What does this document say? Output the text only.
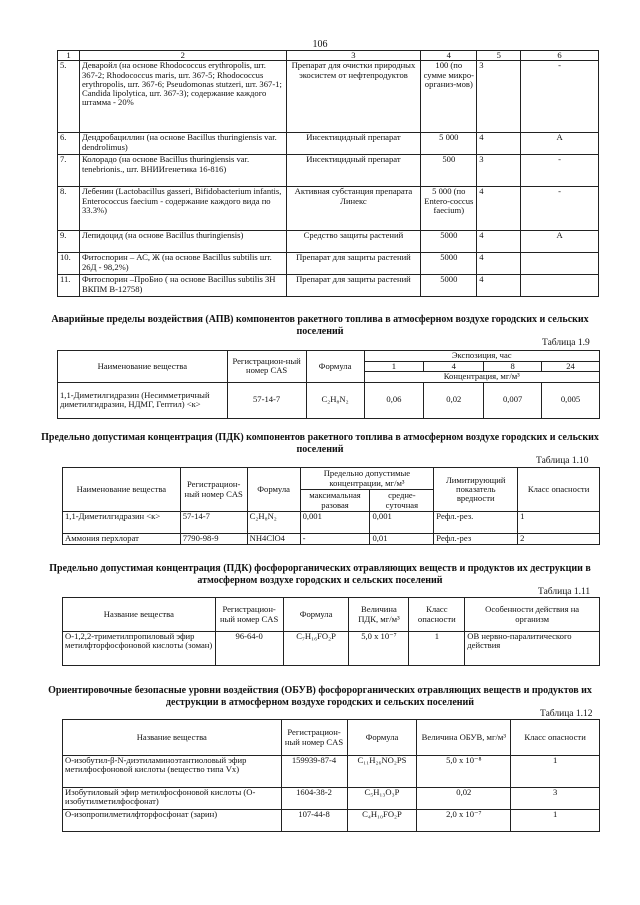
106
1	2	3	4	5	6
5.	Деваройл (на основе Rhodococcus erythropolis, шт. 367-2; Rhodococcus maris, шт. 367-5; Rhodococcus erythropolis, шт. 367-6; Pseudomonas stutzeri, шт. 367-1; Candida lipolytica, шт. 367-3); содержание каждого штамма - 20%	Препарат для очистки природных экосистем от нефтепродуктов	100 (по сумме микро-организ-мов)	3	-
6.	Дендробациллин (на основе Bacillus thuringiensis var. dendrolimus)	Инсектицидный препарат	5 000	4	А
7.	Колорадо (на основе Bacillus thuringiensis var. tenebrionis., шт. ВНИИгенетика 16-816)	Инсектицидный препарат	500	3	-
8.	Лебенин (Lactobacillus gasseri, Bifidobacterium infantis, Enterococcus faecium - содержание каждого вида по 33.3%)	Активная субстанция препарата Линекс	5 000 (по Entero-coccus faecium)	4	-
9.	Лепидоцид (на основе Bacillus thuringiensis)	Средство защиты растений	5000	4	А
10.	Фитоспорин – АС, Ж (на основе Bacillus subtilis шт. 26Д - 98,2%)	Препарат для защиты растений	5000	4	
11.	Фитоспорин –ПроБио ( на основе Bacillus subtilis ЗН ВКПМ В-12758)	Препарат для защиты растений	5000	4	
Аварийные пределы воздействия (АПВ) компонентов ракетного топлива в атмосферном воздухе городских и сельских поселений
Таблица 1.9
Наименование вещества	Регистрацион-ный номер CAS	Формула	Экспозиция, час			
			1	4	8	24
			Концентрация, мг/м³			
1,1-Диметилгидразин (Несимметричный диметилгидразин, НДМГ, Гептил) <к>	57-14-7	C₂H₈N₂	0,06	0,02	0,007	0,005
Предельно допустимая концентрация (ПДК) компонентов ракетного топлива в атмосферном воздухе городских и сельских поселений
Таблица 1.10
Наименование вещества	Регистрацион-ный номер CAS	Формула	Предельно допустимые концентрации, мг/м³		Лимитирующий показатель вредности	Класс опасности
			максимальная разовая	средне-суточная		
1,1-Диметилгидразин <к>	57-14-7	C₂H₈N₂	0,001	0,001	Рефл.-рез.	1
Аммония перхлорат	7790-98-9	NH4ClO4	-	0,01	Рефл.-рез	2
Предельно допустимая концентрация (ПДК) фосфорорганических отравляющих веществ и продуктов их деструкции в атмосферном воздухе городских и сельских поселений
Таблица 1.11
Название вещества	Регистрацион-ный номер CAS	Формула	Величина ПДК, мг/м³	Класс опасности	Особенности действия на организм
О-1,2,2-триметилпропиловый эфир метилфторфосфоновой кислоты (зоман)	96-64-0	C₇H₁₆FO₂P	5,0 x 10⁻⁷	1	ОВ нервно-паралитического действия
Ориентировочные безопасные уровни воздействия (ОБУВ) фосфорорганических отравляющих веществ и продуктов их деструкции в атмосферном воздухе городских и сельских поселений
Таблица 1.12
Название вещества	Регистрацион-ный номер CAS	Формула	Величина ОБУВ, мг/м³	Класс опасности
О-изобутил-β-N-диэтиламиноэтантиоловый эфир метилфосфоновой кислоты (вещество типа Vx)	159939-87-4	C₁₁H₂₆NO₂PS	5,0 x 10⁻⁸	1
Изобутиловый эфир метилфосфоновой кислоты (О-изобутилметилфосфонат)	1604-38-2	C₅H₁₃O₃P	0,02	3
О-изопропилметилфторфосфонат (зарин)	107-44-8	C₄H₁₀FO₂P	2,0 x 10⁻⁷	1
